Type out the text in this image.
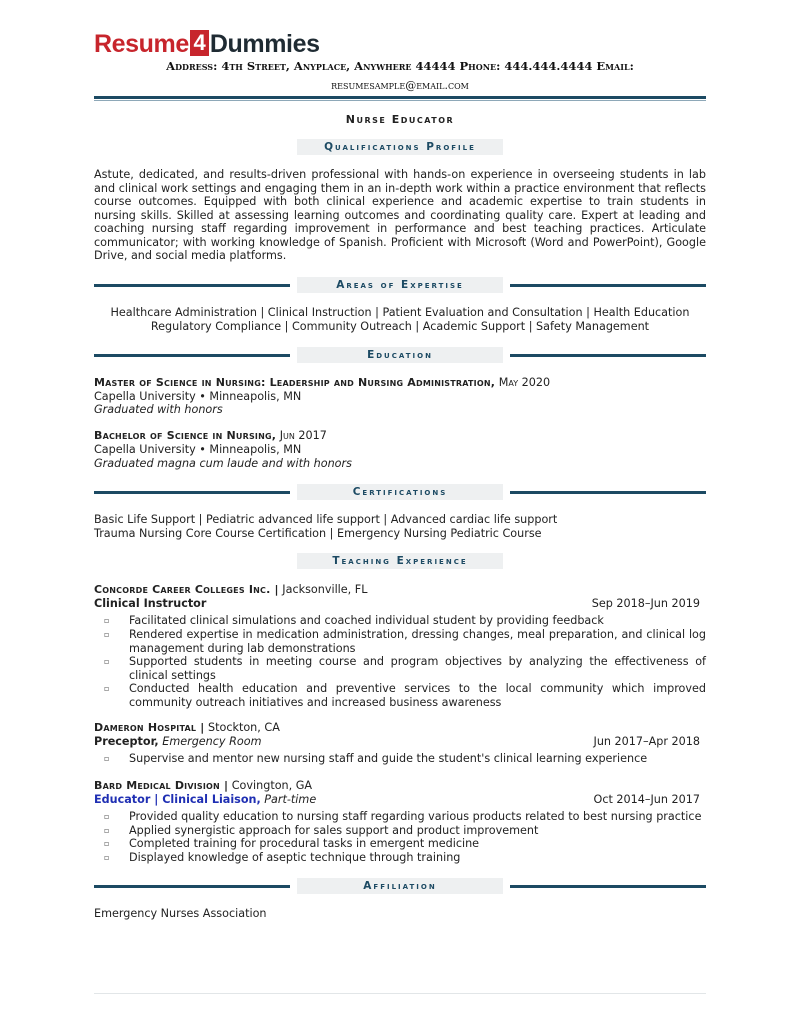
Resume 4 Dummies
Address: 4th Street, Anyplace, Anywhere 44444 Phone: 444.444.4444 Email:
resumesample@email.com
Nurse Educator
Qualifications Profile
Astute, dedicated, and results-driven professional with hands-on experience in overseeing students in lab and clinical work settings and engaging them in an in-depth work within a practice environment that reflects course outcomes. Equipped with both clinical experience and academic expertise to train students in nursing skills. Skilled at assessing learning outcomes and coordinating quality care. Expert at leading and coaching nursing staff regarding improvement in performance and best teaching practices. Articulate communicator; with working knowledge of Spanish. Proficient with Microsoft (Word and PowerPoint), Google Drive, and social media platforms.
Areas of Expertise
Healthcare Administration | Clinical Instruction | Patient Evaluation and Consultation | Health Education
Regulatory Compliance | Community Outreach | Academic Support | Safety Management
Education
Master of Science in Nursing: Leadership and Nursing Administration, May 2020
Capella University • Minneapolis, MN
Graduated with honors
Bachelor of Science in Nursing, Jun 2017
Capella University • Minneapolis, MN
Graduated magna cum laude and with honors
Certifications
Basic Life Support | Pediatric advanced life support | Advanced cardiac life support
Trauma Nursing Core Course Certification | Emergency Nursing Pediatric Course
Teaching Experience
Concorde Career Colleges Inc. | Jacksonville, FL
Clinical Instructor	Sep 2018–Jun 2019
▫ Facilitated clinical simulations and coached individual student by providing feedback
▫ Rendered expertise in medication administration, dressing changes, meal preparation, and clinical log management during lab demonstrations
▫ Supported students in meeting course and program objectives by analyzing the effectiveness of clinical settings
▫ Conducted health education and preventive services to the local community which improved community outreach initiatives and increased business awareness
Dameron Hospital | Stockton, CA
Preceptor, Emergency Room	Jun 2017–Apr 2018
▫ Supervise and mentor new nursing staff and guide the student's clinical learning experience
Bard Medical Division | Covington, GA
Educator | Clinical Liaison, Part-time	Oct 2014–Jun 2017
▫ Provided quality education to nursing staff regarding various products related to best nursing practice
▫ Applied synergistic approach for sales support and product improvement
▫ Completed training for procedural tasks in emergent medicine
▫ Displayed knowledge of aseptic technique through training
Affiliation
Emergency Nurses Association
